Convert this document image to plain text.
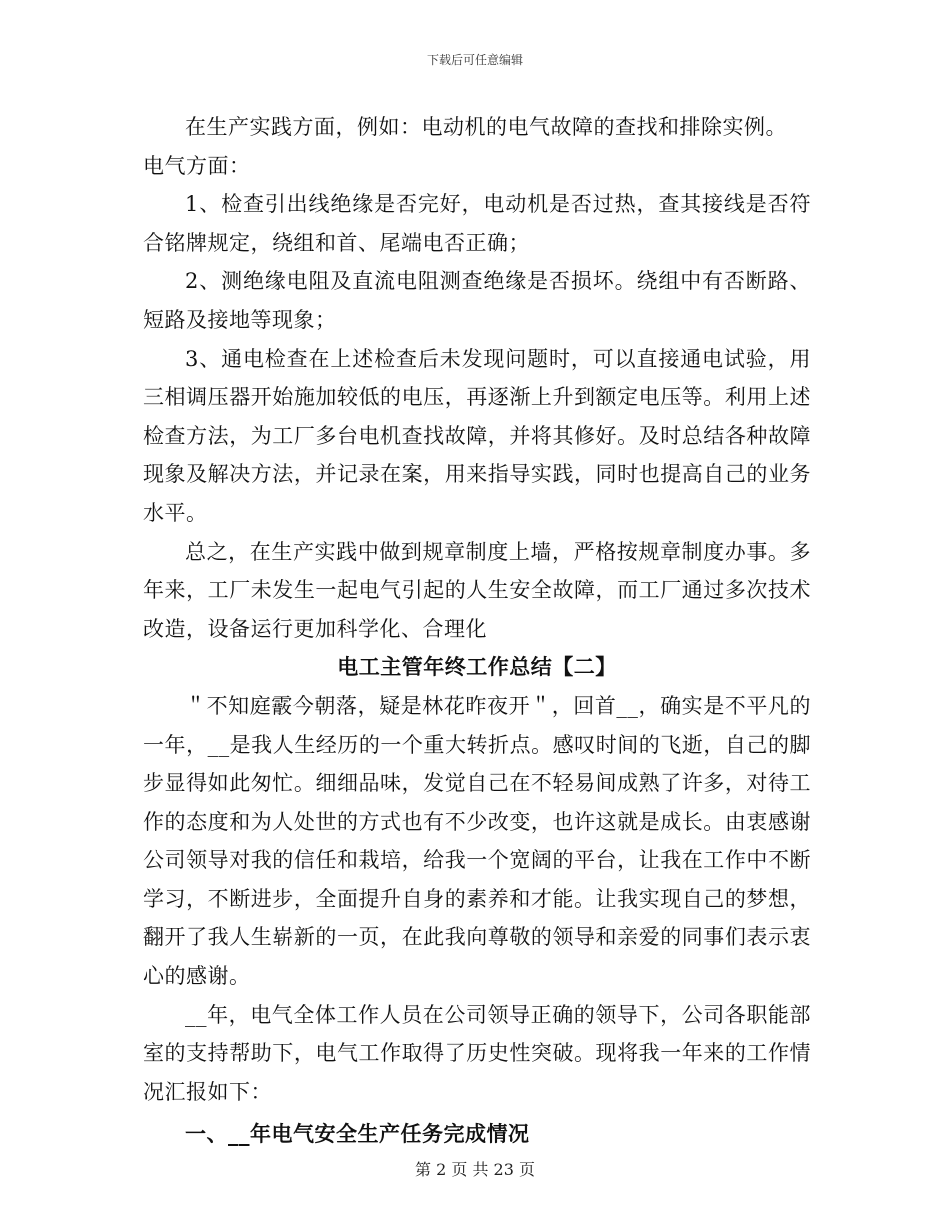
下载后可任意编辑

在生产实践方面，例如：电动机的电气故障的查找和排除实例。

电气方面：

1、检查引出线绝缘是否完好，电动机是否过热，查其接线是否符合铭牌规定，绕组和首、尾端电否正确；

2、测绝缘电阻及直流电阻测查绝缘是否损坏。绕组中有否断路、短路及接地等现象；

3、通电检查在上述检查后未发现问题时，可以直接通电试验，用三相调压器开始施加较低的电压，再逐渐上升到额定电压等。利用上述检查方法，为工厂多台电机查找故障，并将其修好。及时总结各种故障现象及解决方法，并记录在案，用来指导实践，同时也提高自己的业务水平。

总之，在生产实践中做到规章制度上墙，严格按规章制度办事。多年来，工厂未发生一起电气引起的人生安全故障，而工厂通过多次技术改造，设备运行更加科学化、合理化

电工主管年终工作总结【二】

＂不知庭霰今朝落，疑是林花昨夜开＂，回首__，确实是不平凡的一年，__是我人生经历的一个重大转折点。感叹时间的飞逝，自己的脚步显得如此匆忙。细细品味，发觉自己在不轻易间成熟了许多，对待工作的态度和为人处世的方式也有不少改变，也许这就是成长。由衷感谢公司领导对我的信任和栽培，给我一个宽阔的平台，让我在工作中不断学习，不断进步，全面提升自身的素养和才能。让我实现自己的梦想，翻开了我人生崭新的一页，在此我向尊敬的领导和亲爱的同事们表示衷心的感谢。

__年，电气全体工作人员在公司领导正确的领导下，公司各职能部室的支持帮助下，电气工作取得了历史性突破。现将我一年来的工作情况汇报如下：

一、__年电气安全生产任务完成情况

第 2 页 共 23 页
